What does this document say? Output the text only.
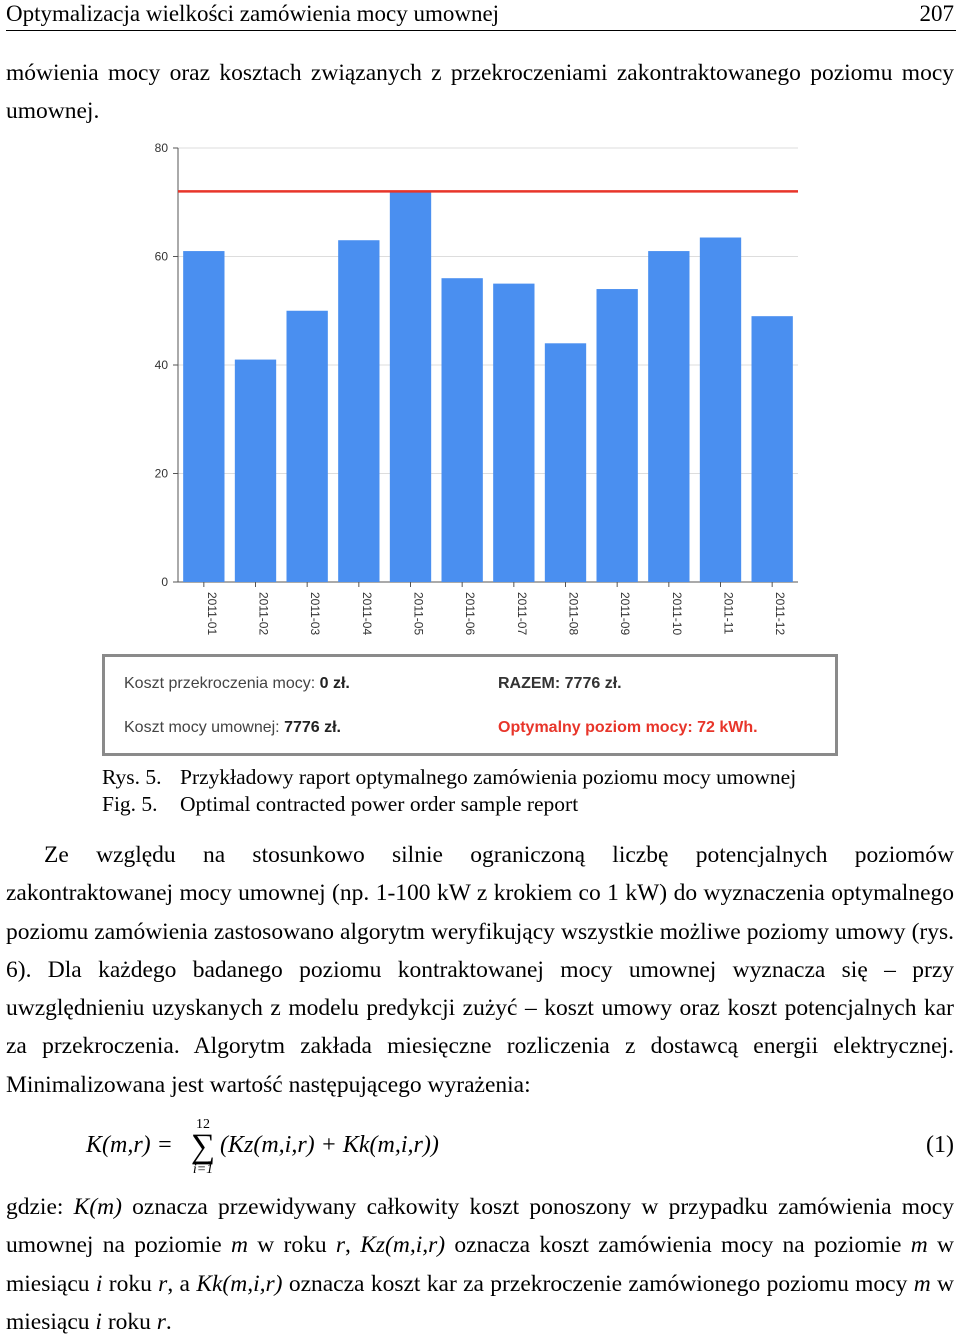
Optymalizacja wielkości zamówienia mocy umownej	207
mówienia mocy oraz kosztach związanych z przekroczeniami zakontraktowanego poziomu mocy umownej.
0
20
40
60
80
2011-01	2011-02	2011-03	2011-04	2011-05	2011-06	2011-07	2011-08	2011-09	2011-10	2011-11	2011-12
Koszt przekroczenia mocy: 0 zł.
Koszt mocy umownej: 7776 zł.
RAZEM: 7776 zł.
Optymalny poziom mocy: 72 kWh.
Rys. 5. Przykładowy raport optymalnego zamówienia poziomu mocy umownej
Fig. 5. Optimal contracted power order sample report
Ze względu na stosunkowo silnie ograniczoną liczbę potencjalnych poziomów zakontraktowanej mocy umownej (np. 1-100 kW z krokiem co 1 kW) do wyznaczenia optymalnego poziomu zamówienia zastosowano algorytm weryfikujący wszystkie możliwe poziomy umowy (rys. 6). Dla każdego badanego poziomu kontraktowanej mocy umownej wyznacza się – przy uwzględnieniu uzyskanych z modelu predykcji zużyć – koszt umowy oraz koszt potencjalnych kar za przekroczenia. Algorytm zakłada miesięczne rozliczenia z dostawcą energii elektrycznej. Minimalizowana jest wartość następującego wyrażenia:
K(m,r) =
12
∑
i=1
(Kz(m,i,r) + Kk(m,i,r))	(1)
gdzie: K(m) oznacza przewidywany całkowity koszt ponoszony w przypadku zamówienia mocy umownej na poziomie m w roku r, Kz(m,i,r) oznacza koszt zamówienia mocy na poziomie m w miesiącu i roku r, a Kk(m,i,r) oznacza koszt kar za przekroczenie zamówionego poziomu mocy m w miesiącu i roku r.
